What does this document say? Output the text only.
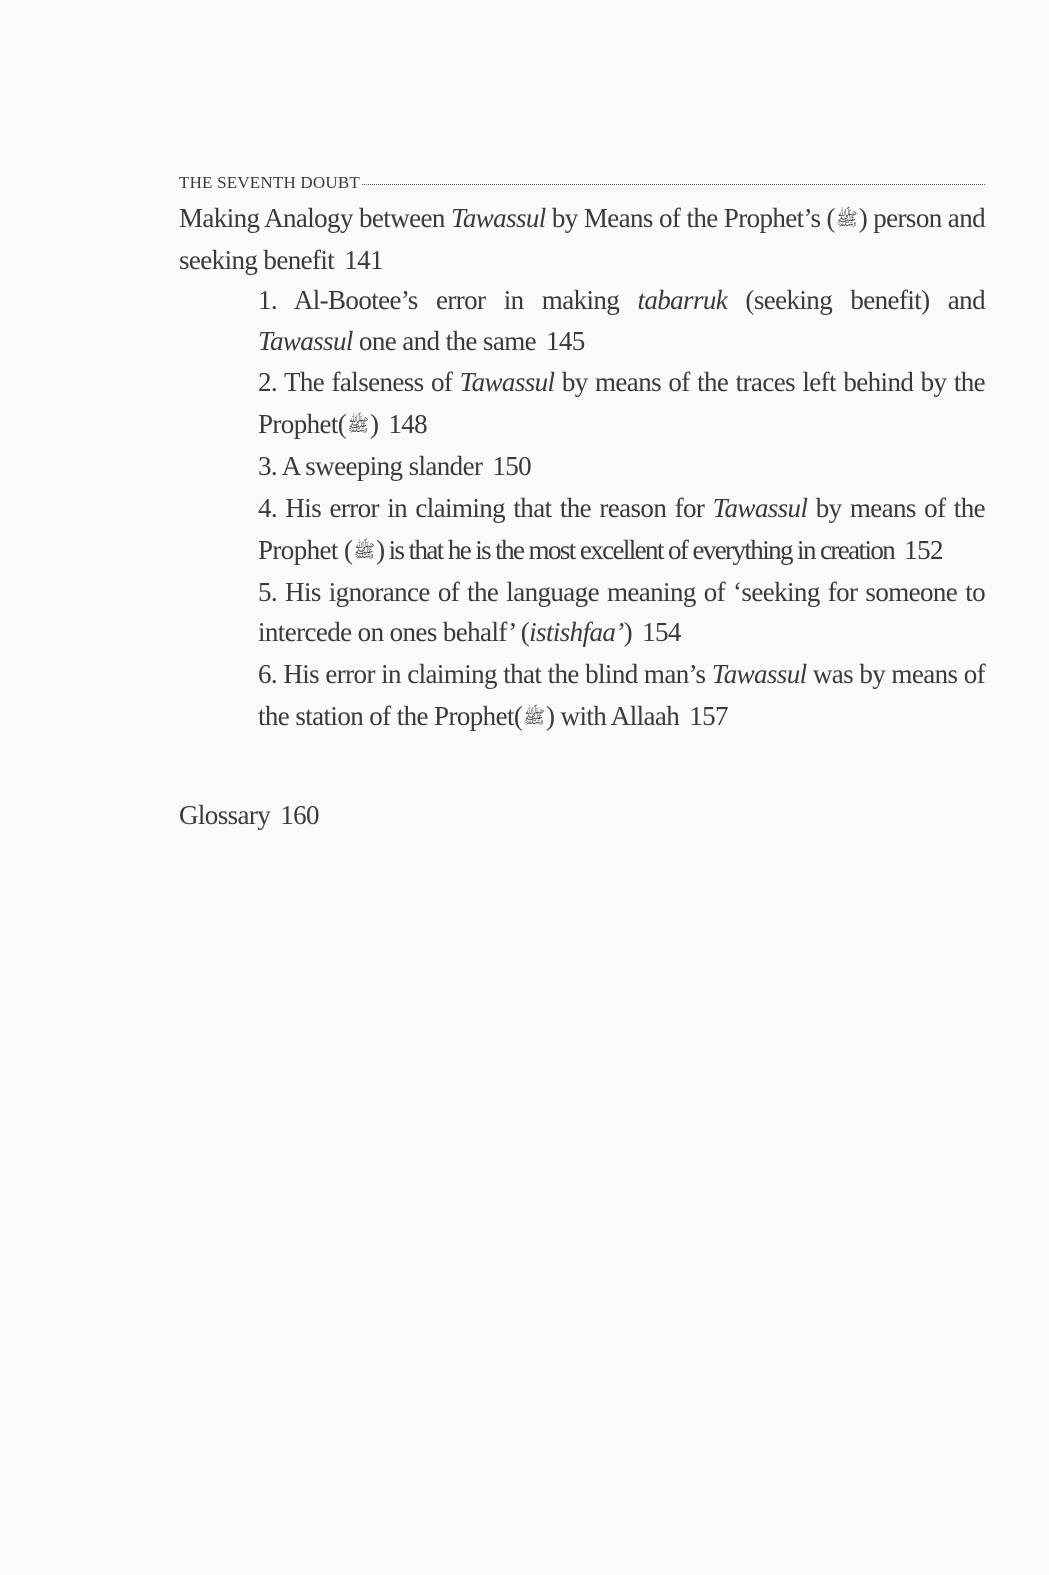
THE SEVENTH DOUBT
Making Analogy between Tawassul by Means of the Prophet’s (ﷺ) person and seeking benefit 141
1. Al-Bootee’s error in making tabarruk (seeking benefit) and Tawassul one and the same 145
2. The falseness of Tawassul by means of the traces left behind by the Prophet(ﷺ) 148
3. A sweeping slander 150
4. His error in claiming that the reason for Tawassul by means of the Prophet (ﷺ) is that he is the most excellent of everything in creation 152
5. His ignorance of the language meaning of ‘seeking for someone to intercede on ones behalf’ (istishfaa’) 154
6. His error in claiming that the blind man’s Tawassul was by means of the station of the Prophet(ﷺ) with Allaah 157
Glossary 160
